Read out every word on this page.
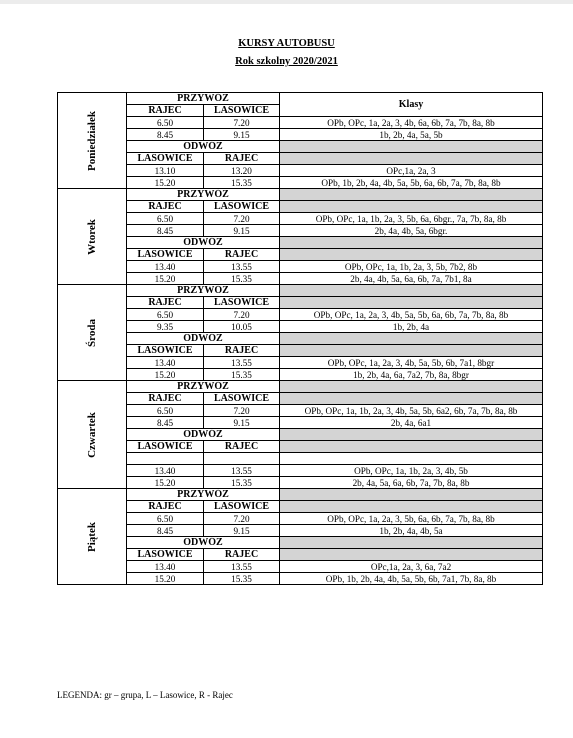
KURSY AUTOBUSU
Rok szkolny 2020/2021
Poniedziałek	PRZYWÓZ		Klasy
	RAJEC	LASOWICE	
	6.50	7.20	OPb, OPc, 1a, 2a, 3, 4b, 6a, 6b, 7a, 7b, 8a, 8b
	8.45	9.15	1b, 2b, 4a, 5a, 5b
	ODWÓZ		
	LASOWICE	RAJEC	
	13.10	13.20	OPc,1a, 2a, 3
	15.20	15.35	OPb, 1b, 2b, 4a, 4b, 5a, 5b, 6a, 6b, 7a, 7b, 8a, 8b
Wtorek	PRZYWÓZ		
	RAJEC	LASOWICE	
	6.50	7.20	OPb, OPc, 1a, 1b, 2a, 3, 5b, 6a, 6bgr., 7a, 7b, 8a, 8b
	8.45	9.15	2b, 4a, 4b, 5a, 6bgr.
	ODWÓZ		
	LASOWICE	RAJEC	
	13.40	13.55	OPb, OPc, 1a, 1b, 2a, 3, 5b, 7b2, 8b
	15.20	15.35	2b, 4a, 4b, 5a, 6a, 6b, 7a, 7b1, 8a
Środa	PRZYWÓZ		
	RAJEC	LASOWICE	
	6.50	7.20	OPb, OPc, 1a, 2a, 3, 4b, 5a, 5b, 6a, 6b, 7a, 7b, 8a, 8b
	9.35	10.05	1b, 2b, 4a
	ODWÓZ		
	LASOWICE	RAJEC	
	13.40	13.55	OPb, OPc, 1a, 2a, 3, 4b, 5a, 5b, 6b, 7a1, 8bgr
	15.20	15.35	1b, 2b, 4a, 6a, 7a2, 7b, 8a, 8bgr
Czwartek	PRZYWÓZ		
	RAJEC	LASOWICE	
	6.50	7.20	OPb, OPc, 1a, 1b, 2a, 3, 4b, 5a, 5b, 6a2, 6b, 7a, 7b, 8a, 8b
	8.45	9.15	2b, 4a, 6a1
	ODWÓZ		
	LASOWICE	RAJEC	

	13.40	13.55	OPb, OPc, 1a, 1b, 2a, 3, 4b, 5b
	15.20	15.35	2b, 4a, 5a, 6a, 6b, 7a, 7b, 8a, 8b
Piątek	PRZYWÓZ		
	RAJEC	LASOWICE	
	6.50	7.20	OPb, OPc, 1a, 2a, 3, 5b, 6a, 6b, 7a, 7b, 8a, 8b
	8.45	9.15	1b, 2b, 4a, 4b, 5a
	ODWÓZ		
	LASOWICE	RAJEC	
	13.40	13.55	OPc,1a, 2a, 3, 6a, 7a2
	15.20	15.35	OPb, 1b, 2b, 4a, 4b, 5a, 5b, 6b, 7a1, 7b, 8a, 8b
LEGENDA: gr – grupa, L – Lasowice, R - Rajec
